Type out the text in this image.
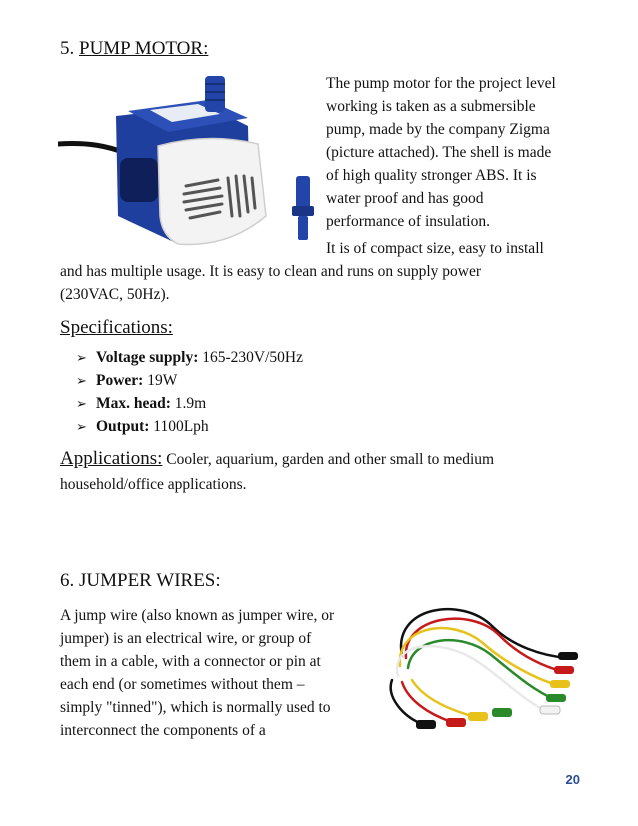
5. PUMP MOTOR:

The pump motor for the project level

working is taken as a submersible

pump, made by the company Zigma

(picture attached). The shell is made

of high quality stronger ABS. It is

water proof and has good

performance of insulation.

It is of compact size, easy to install

and has multiple usage. It is easy to clean and runs on supply power

(230VAC, 50Hz).

Specifications:
➢ Voltage supply: 165-230V/50Hz
➢ Power: 19W
➢ Max. head: 1.9m
➢ Output: 1100Lph
Applications: Cooler, aquarium, garden and other small to medium

household/office applications.

6. JUMPER WIRES:

A jump wire (also known as jumper wire, or

jumper) is an electrical wire, or group of

them in a cable, with a connector or pin at

each end (or sometimes without them –

simply "tinned"), which is normally used to

interconnect the components of a

20
